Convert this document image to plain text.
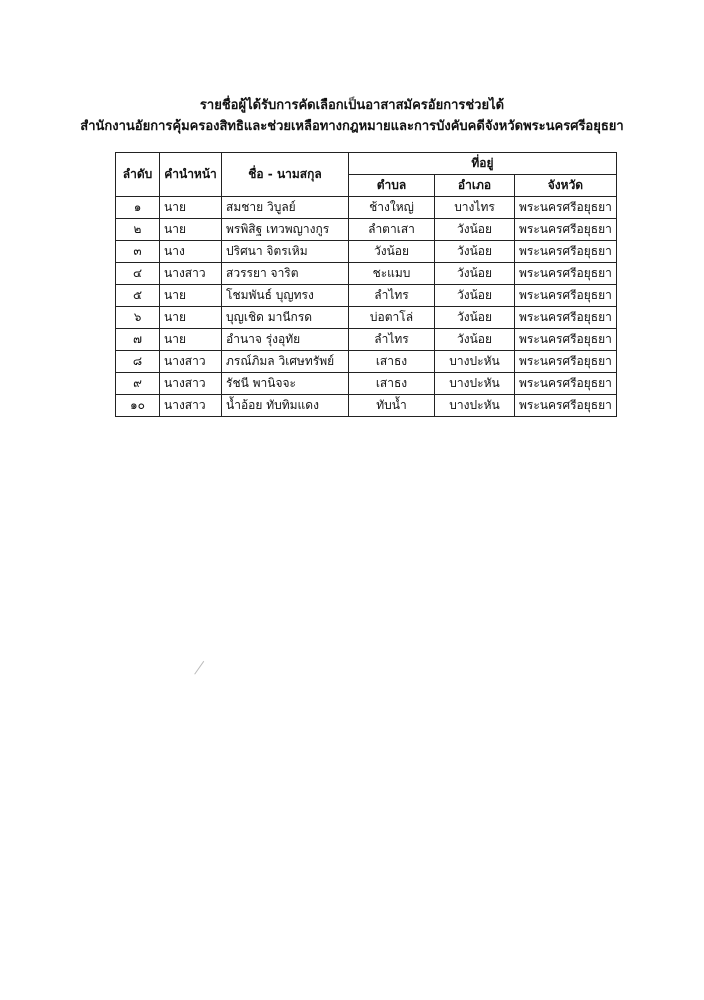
รายชื่อผู้ได้รับการคัดเลือกเป็นอาสาสมัครอัยการช่วยได้
สำนักงานอัยการคุ้มครองสิทธิและช่วยเหลือทางกฎหมายและการบังคับคดีจังหวัดพระนครศรีอยุธยา
ลำดับ	คำนำหน้า	ชื่อ - นามสกุล	ที่อยู่		
			ตำบล	อำเภอ	จังหวัด
๑	นาย	สมชาย วิบูลย์	ช้างใหญ่	บางไทร	พระนครศรีอยุธยา
๒	นาย	พรพิสิฐ เทวพญางกูร	ลำตาเสา	วังน้อย	พระนครศรีอยุธยา
๓	นาง	ปริศนา จิตรเหิม	วังน้อย	วังน้อย	พระนครศรีอยุธยา
๔	นางสาว	สวรรยา จาริต	ชะแมบ	วังน้อย	พระนครศรีอยุธยา
๕	นาย	โชมพันธ์ บุญทรง	ลำไทร	วังน้อย	พระนครศรีอยุธยา
๖	นาย	บุญเชิด มานีกรด	บ่อตาโล่	วังน้อย	พระนครศรีอยุธยา
๗	นาย	อำนาจ รุ่งอุทัย	ลำไทร	วังน้อย	พระนครศรีอยุธยา
๘	นางสาว	ภรณ์ภิมล วิเศษทรัพย์	เสาธง	บางปะหัน	พระนครศรีอยุธยา
๙	นางสาว	รัชนี พานิจจะ	เสาธง	บางปะหัน	พระนครศรีอยุธยา
๑๐	นางสาว	น้ำอ้อย ทับทิมแดง	ทับน้ำ	บางปะหัน	พระนครศรีอยุธยา
